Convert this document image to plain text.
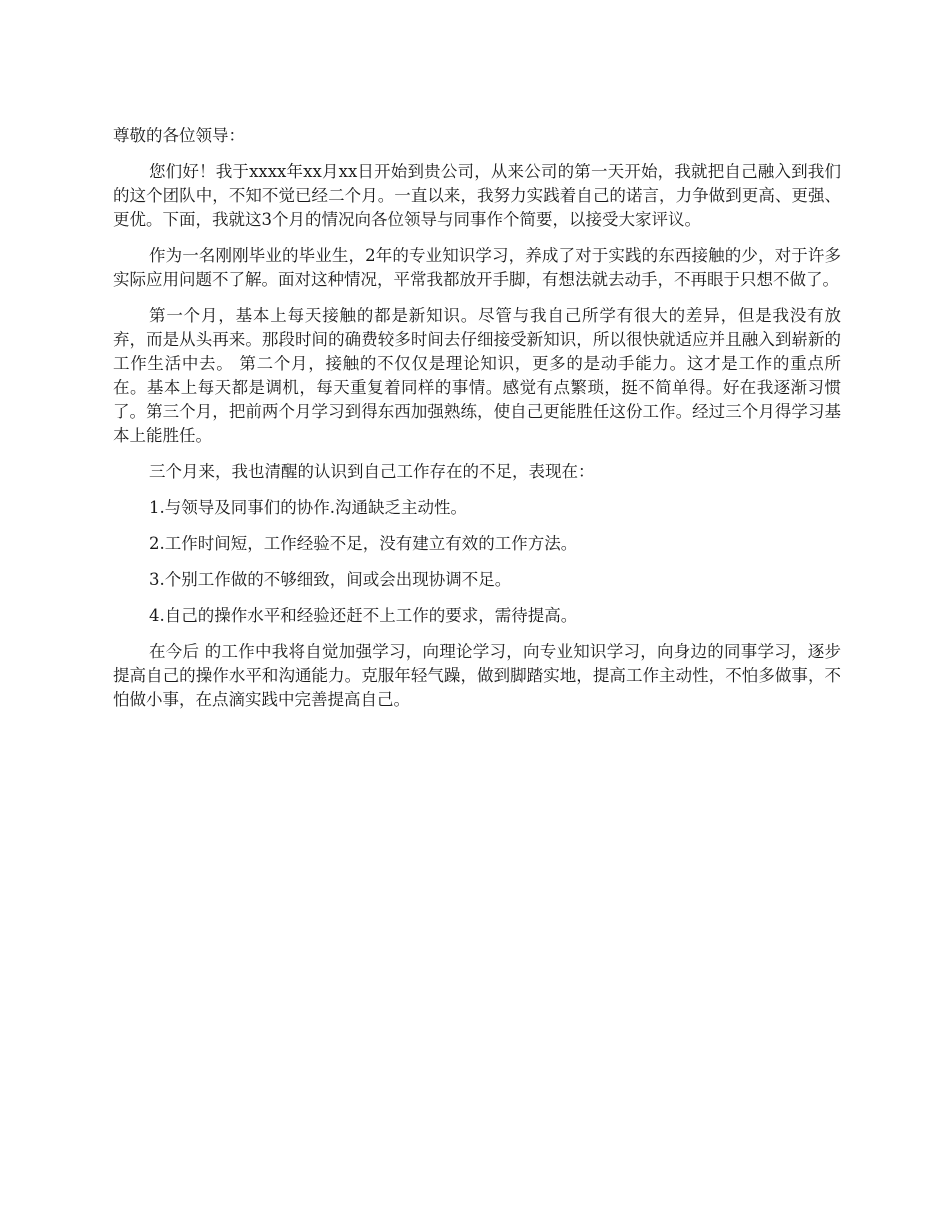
尊敬的各位领导：

您们好！我于xxxx年xx月xx日开始到贵公司，从来公司的第一天开始，我就把自己融入到我们的这个团队中，不知不觉已经二个月。一直以来，我努力实践着自己的诺言，力争做到更高、更强、更优。下面，我就这3个月的情况向各位领导与同事作个简要，以接受大家评议。

作为一名刚刚毕业的毕业生，2年的专业知识学习，养成了对于实践的东西接触的少，对于许多实际应用问题不了解。面对这种情况，平常我都放开手脚，有想法就去动手，不再眼于只想不做了。

第一个月，基本上每天接触的都是新知识。尽管与我自己所学有很大的差异，但是我没有放弃，而是从头再来。那段时间的确费较多时间去仔细接受新知识，所以很快就适应并且融入到崭新的工作生活中去。 第二个月，接触的不仅仅是理论知识，更多的是动手能力。这才是工作的重点所在。基本上每天都是调机，每天重复着同样的事情。感觉有点繁琐，挺不简单得。好在我逐渐习惯了。第三个月，把前两个月学习到得东西加强熟练，使自己更能胜任这份工作。经过三个月得学习基本上能胜任。

三个月来，我也清醒的认识到自己工作存在的不足，表现在：

1.与领导及同事们的协作.沟通缺乏主动性。

2.工作时间短，工作经验不足，没有建立有效的工作方法。

3.个别工作做的不够细致，间或会出现协调不足。

4.自己的操作水平和经验还赶不上工作的要求，需待提高。

在今后 的工作中我将自觉加强学习，向理论学习，向专业知识学习，向身边的同事学习，逐步提高自己的操作水平和沟通能力。克服年轻气躁，做到脚踏实地，提高工作主动性，不怕多做事，不怕做小事，在点滴实践中完善提高自己。
